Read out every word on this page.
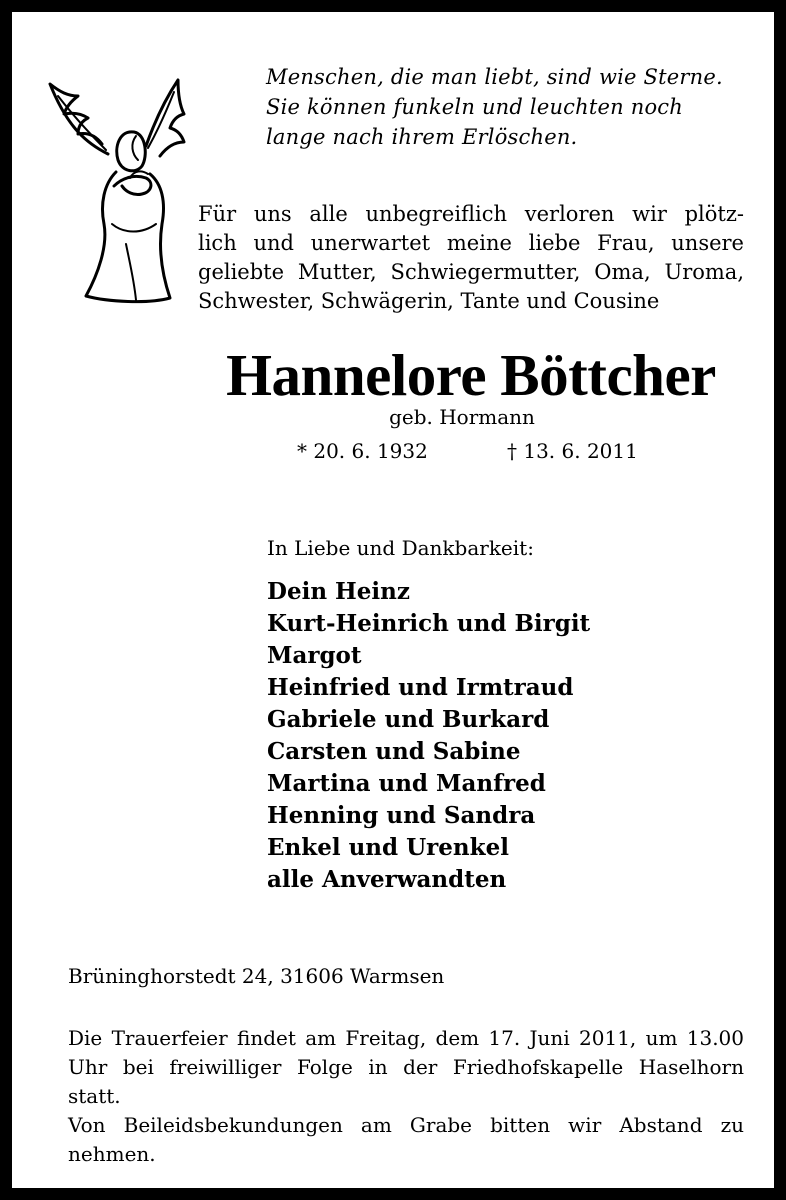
Menschen, die man liebt, sind wie Sterne.
Sie können funkeln und leuchten noch
lange nach ihrem Erlöschen.
Für uns alle unbegreiflich verloren wir plötz-
lich und unerwartet meine liebe Frau, unsere
geliebte Mutter, Schwiegermutter, Oma, Uroma,
Schwester, Schwägerin, Tante und Cousine
Hannelore Böttcher
geb. Hormann
* 20. 6. 1932	† 13. 6. 2011
In Liebe und Dankbarkeit:
Dein Heinz
Kurt-Heinrich und Birgit
Margot
Heinfried und Irmtraud
Gabriele und Burkard
Carsten und Sabine
Martina und Manfred
Henning und Sandra
Enkel und Urenkel
alle Anverwandten
Brüninghorstedt 24, 31606 Warmsen
Die Trauerfeier findet am Freitag, dem 17. Juni 2011, um 13.00
Uhr bei freiwilliger Folge in der Friedhofskapelle Haselhorn
statt.
Von Beileidsbekundungen am Grabe bitten wir Abstand zu
nehmen.
